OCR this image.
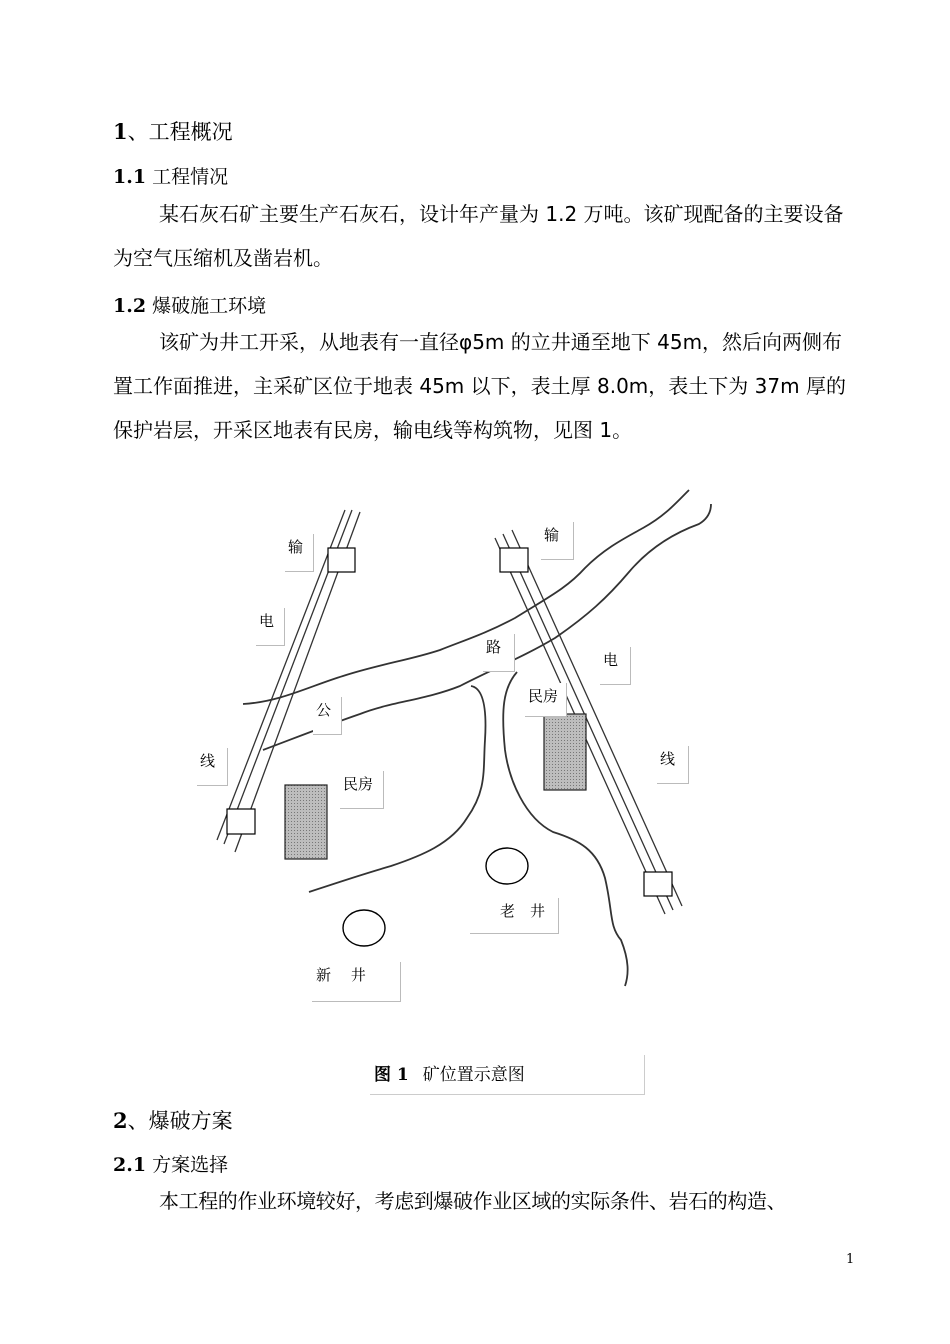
1、工程概况
1.1 工程情况

某石灰石矿主要生产石灰石，设计年产量为 1.2 万吨。该矿现配备的主要设备为空气压缩机及凿岩机。

1.2 爆破施工环境

该矿为井工开采，从地表有一直径φ5m 的立井通至地下 45m，然后向两侧布置工作面推进，主采矿区位于地表 45m 以下，表土厚 8.0m，表土下为 37m 厚的保护岩层，开采区地表有民房，输电线等构筑物，见图 1。

输
电
公
线
民房
输
路
电
民房
线
老　井
新　 井
图 1 矿位置示意图
2、爆破方案
2.1 方案选择

本工程的作业环境较好，考虑到爆破作业区域的实际条件、岩石的构造、

1
